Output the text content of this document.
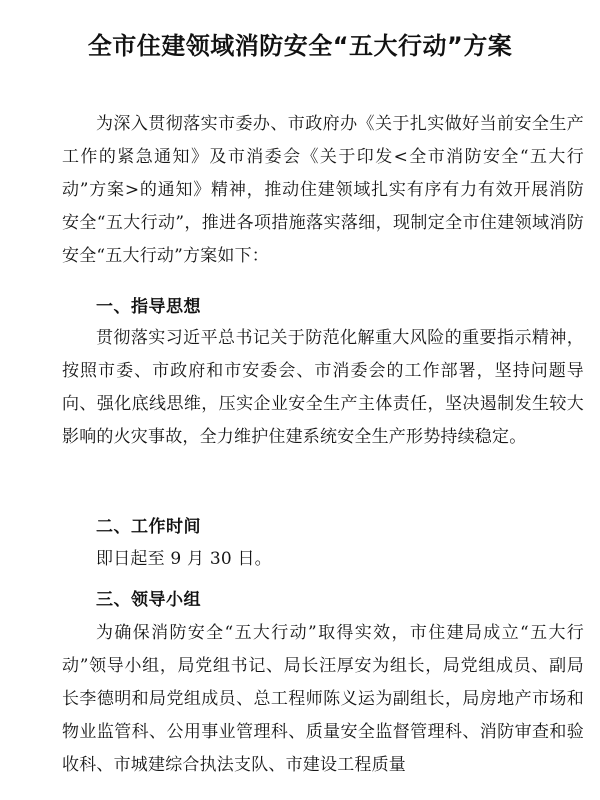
全市住建领域消防安全“五大行动”方案

为深入贯彻落实市委办、市政府办《关于扎实做好当前安全生产工作的紧急通知》及市消委会《关于印发<全市消防安全“五大行动”方案>的通知》精神，推动住建领域扎实有序有力有效开展消防安全“五大行动”，推进各项措施落实落细，现制定全市住建领域消防安全“五大行动”方案如下：

一、指导思想

贯彻落实习近平总书记关于防范化解重大风险的重要指示精神，按照市委、市政府和市安委会、市消委会的工作部署，坚持问题导向、强化底线思维，压实企业安全生产主体责任，坚决遏制发生较大影响的火灾事故，全力维护住建系统安全生产形势持续稳定。

二、工作时间
即日起至 9 月 30 日。
三、领导小组

为确保消防安全“五大行动”取得实效，市住建局成立“五大行动”领导小组，局党组书记、局长汪厚安为组长，局党组成员、副局长李德明和局党组成员、总工程师陈义运为副组长，局房地产市场和物业监管科、公用事业管理科、质量安全监督管理科、消防审查和验收科、市城建综合执法支队、市建设工程质量
